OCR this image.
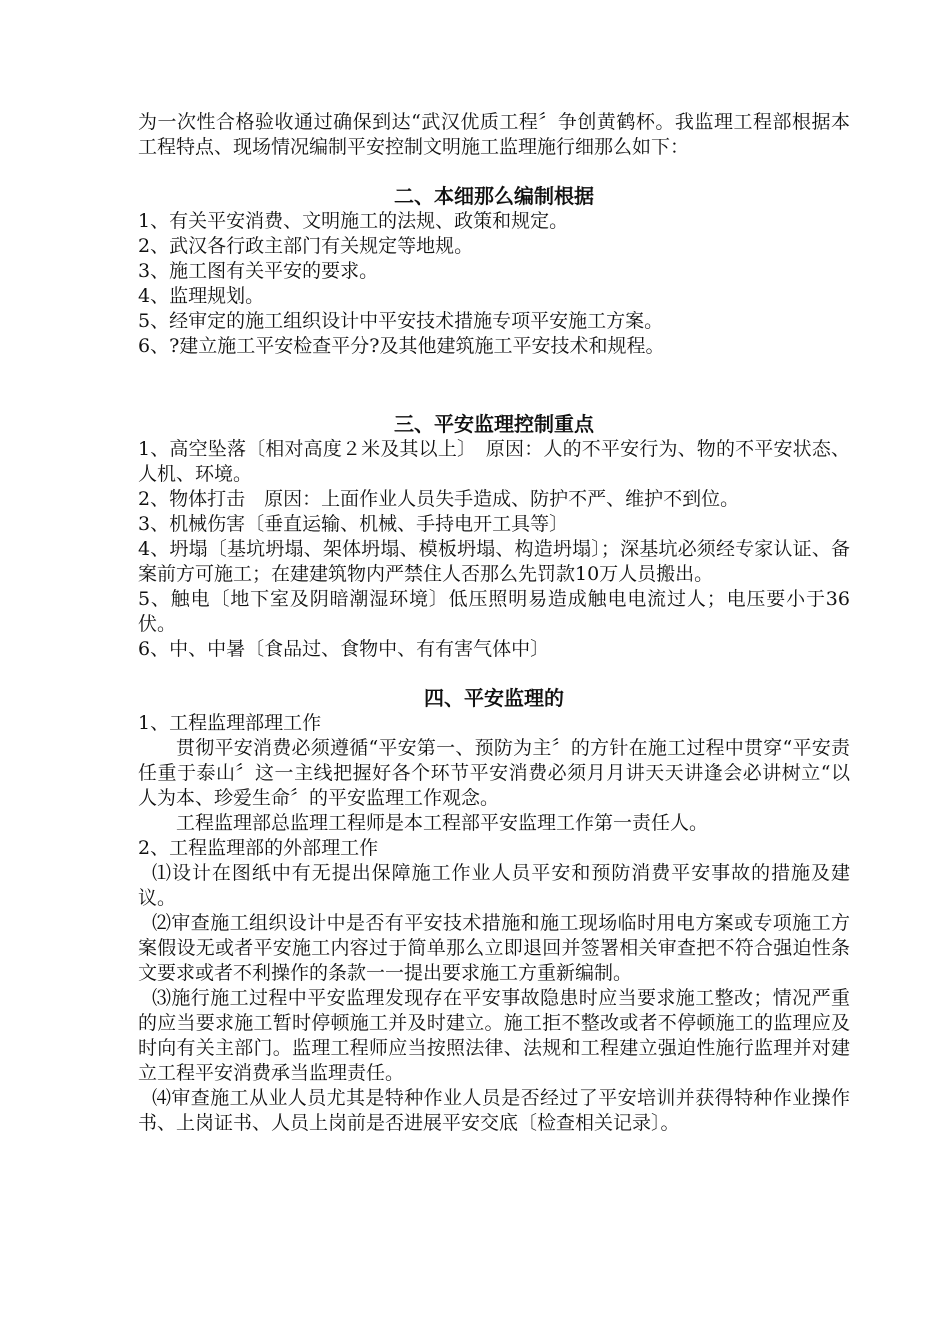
为一次性合格验收通过确保到达“武汉优质工程〞争创黄鹤杯。我监理工程部根据本工程特点、现场情况编制平安控制文明施工监理施行细那么如下：

二、本细那么编制根据

1、有关平安消费、文明施工的法规、政策和规定。

2、武汉各行政主部门有关规定等地规。

3、施工图有关平安的要求。

4、监理规划。

5、经审定的施工组织设计中平安技术措施专项平安施工方案。

6、?建立施工平安检查平分?及其他建筑施工平安技术和规程。

三、平安监理控制重点

1、高空坠落〔相对高度２米及其以上〕　原因：人的不平安行为、物的不平安状态、人机、环境。

2、物体打击　原因：上面作业人员失手造成、防护不严、维护不到位。

3、机械伤害〔垂直运输、机械、手持电开工具等〕

4、坍塌〔基坑坍塌、架体坍塌、模板坍塌、构造坍塌〕；深基坑必须经专家认证、备案前方可施工；在建建筑物内严禁住人否那么先罚款10万人员搬出。

5、触电〔地下室及阴暗潮湿环境〕低压照明易造成触电电流过人；电压要小于36伏。

6、中、中暑〔食品过、食物中、有有害气体中〕

四、平安监理的

1、工程监理部理工作

贯彻平安消费必须遵循“平安第一、预防为主〞的方针在施工过程中贯穿“平安责任重于泰山〞这一主线把握好各个环节平安消费必须月月讲天天讲逢会必讲树立“以人为本、珍爱生命〞的平安监理工作观念。

工程监理部总监理工程师是本工程部平安监理工作第一责任人。

2、工程监理部的外部理工作

⑴设计在图纸中有无提出保障施工作业人员平安和预防消费平安事故的措施及建议。

⑵审查施工组织设计中是否有平安技术措施和施工现场临时用电方案或专项施工方案假设无或者平安施工内容过于简单那么立即退回并签署相关审查把不符合强迫性条文要求或者不利操作的条款一一提出要求施工方重新编制。

⑶施行施工过程中平安监理发现存在平安事故隐患时应当要求施工整改；情况严重的应当要求施工暂时停顿施工并及时建立。施工拒不整改或者不停顿施工的监理应及时向有关主部门。监理工程师应当按照法律、法规和工程建立强迫性施行监理并对建立工程平安消费承当监理责任。

⑷审查施工从业人员尤其是特种作业人员是否经过了平安培训并获得特种作业操作书、上岗证书、人员上岗前是否进展平安交底〔检查相关记录〕。
